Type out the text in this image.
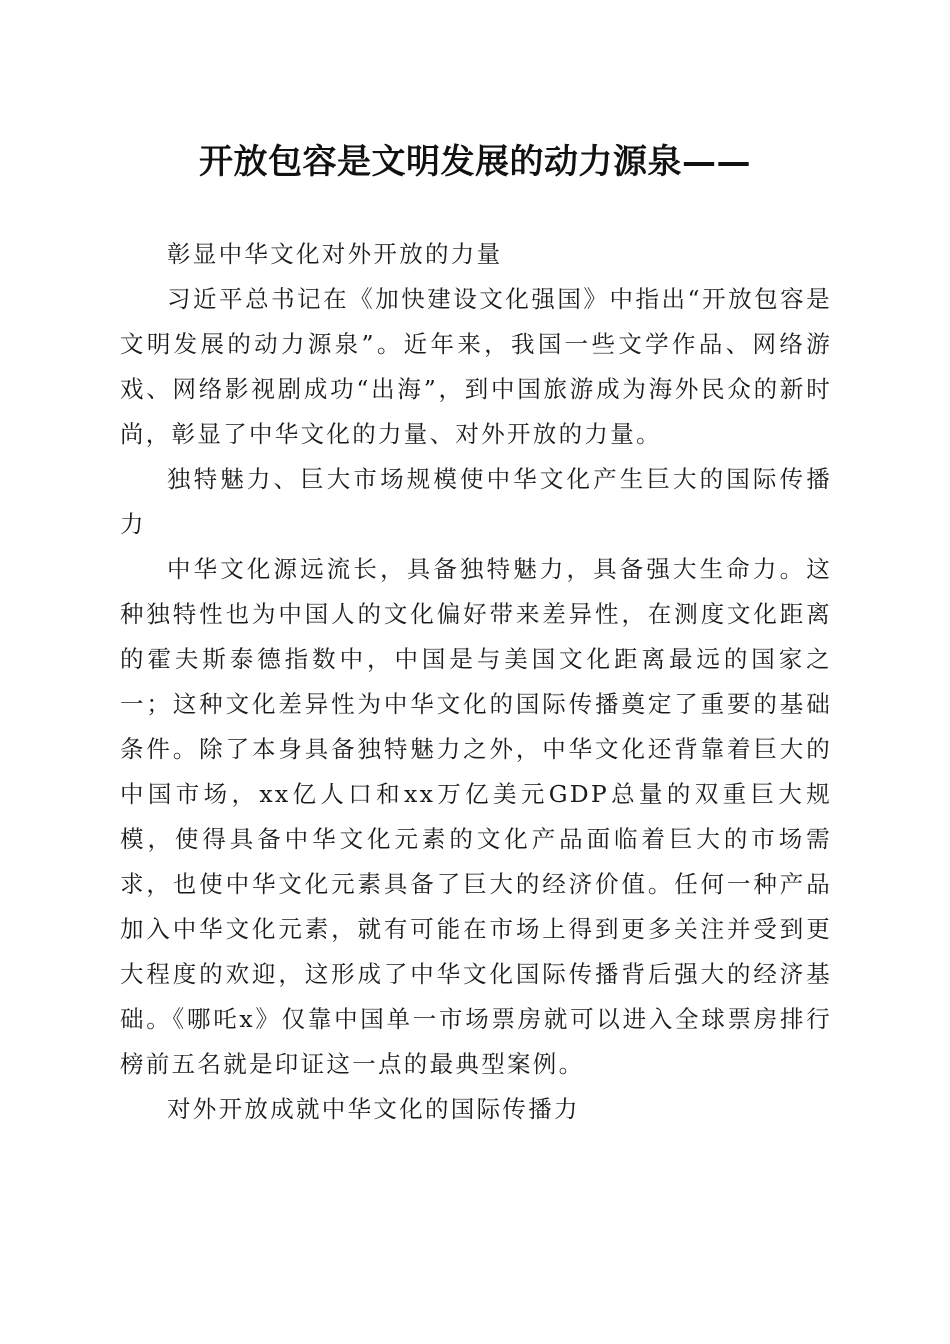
开放包容是文明发展的动力源泉——

彰显中华文化对外开放的力量

习近平总书记在《加快建设文化强国》中指出“开放包容是文明发展的动力源泉”。近年来，我国一些文学作品、网络游戏、网络影视剧成功“出海”，到中国旅游成为海外民众的新时尚，彰显了中华文化的力量、对外开放的力量。

独特魅力、巨大市场规模使中华文化产生巨大的国际传播力

中华文化源远流长，具备独特魅力，具备强大生命力。这种独特性也为中国人的文化偏好带来差异性，在测度文化距离的霍夫斯泰德指数中，中国是与美国文化距离最远的国家之一；这种文化差异性为中华文化的国际传播奠定了重要的基础条件。除了本身具备独特魅力之外，中华文化还背靠着巨大的中国市场，xx亿人口和xx万亿美元GDP总量的双重巨大规模，使得具备中华文化元素的文化产品面临着巨大的市场需求，也使中华文化元素具备了巨大的经济价值。任何一种产品加入中华文化元素，就有可能在市场上得到更多关注并受到更大程度的欢迎，这形成了中华文化国际传播背后强大的经济基础。《哪吒x》仅靠中国单一市场票房就可以进入全球票房排行榜前五名就是印证这一点的最典型案例。

对外开放成就中华文化的国际传播力
